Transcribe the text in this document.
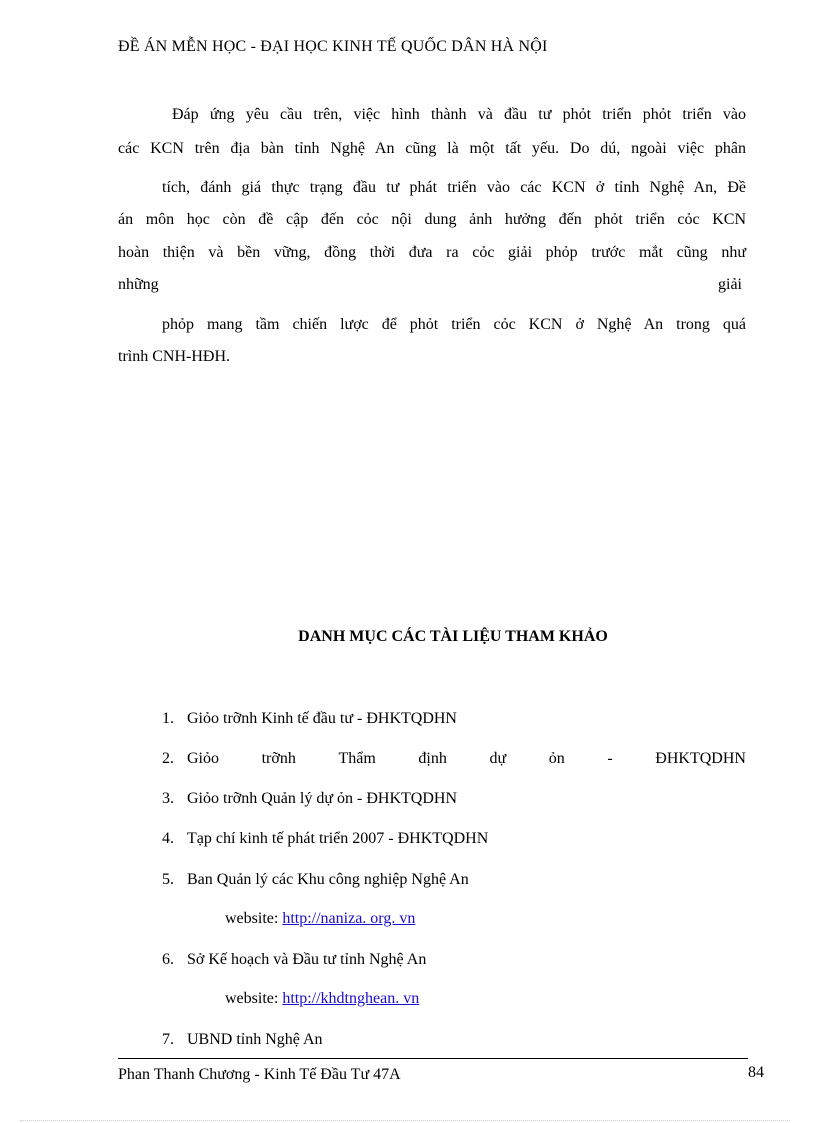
ĐỀ ÁN MỄN HỌC - ĐẠI HỌC KINH TẾ QUỐC DÂN HÀ NỘI
Đáp ứng yêu cầu trên, việc hình thành và đầu tư phỏt triển phỏt triển vào
các KCN trên địa bàn tỉnh Nghệ An cũng là một tất yếu. Do dú, ngoài việc phân
tích, đánh giá thực trạng đầu tư phát triển vào các KCN ở tỉnh Nghệ An, Đề
án môn học còn đề cập đến cỏc nội dung ảnh hưởng đến phỏt triển cỏc KCN
hoàn thiện và bền vững, đồng thời đưa ra cỏc giải phỏp trước mắt cũng như
những	giải
phỏp mang tầm chiến lược để phỏt triển cỏc KCN ở Nghệ An trong quá
trình CNH-HĐH.
DANH MỤC CÁC TÀI LIỆU THAM KHẢO
1. Giỏo trỡnh Kinh tế đầu tư - ĐHKTQDHN
2. Giỏo	trỡnh	Thẩm	định	dự	ỏn	-	ĐHKTQDHN
3. Giỏo trỡnh Quản lý dự ỏn - ĐHKTQDHN
4. Tạp chí kinh tế phát triển 2007 - ĐHKTQDHN
5. Ban Quản lý các Khu công nghiệp Nghệ An
website: http://naniza. org. vn
6. Sở Kế hoạch và Đầu tư tỉnh Nghệ An
website: http://khdtnghean. vn
7. UBND tỉnh Nghệ An
Phan Thanh Chương - Kinh Tế Đầu Tư 47A	84
